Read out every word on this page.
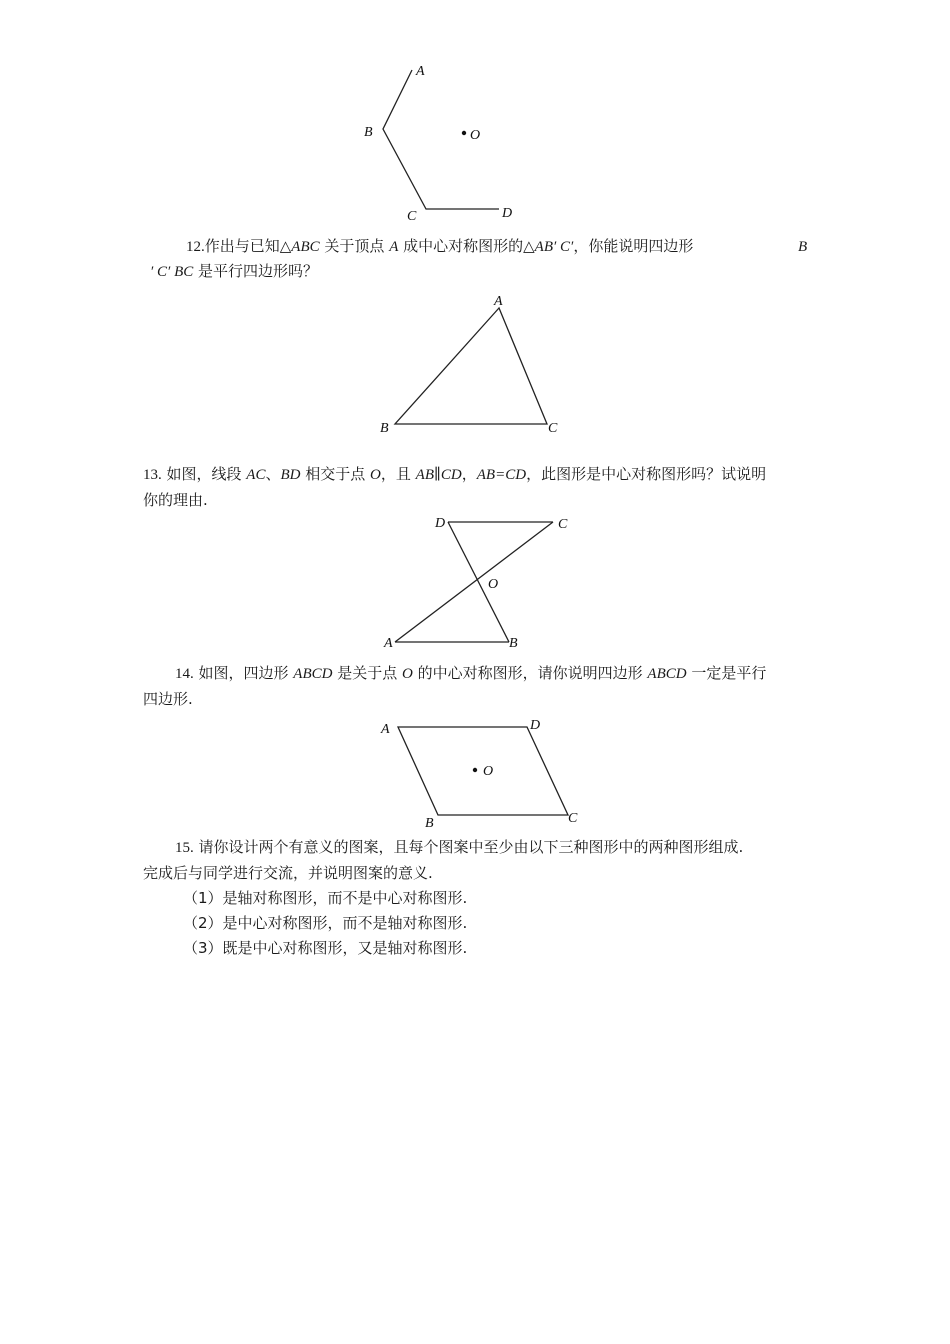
A
B
C	D
O
12.作出与已知△ABC 关于顶点 A 成中心对称图形的△AB′ C′，你能说明四边形	B
′ C′ BC 是平行四边形吗？
A
B	C
13. 如图，线段 AC、BD 相交于点 O，且 AB∥CD，AB=CD，此图形是中心对称图形吗？试说明
你的理由.
D	C
O
A	B
14. 如图，四边形 ABCD 是关于点 O 的中心对称图形，请你说明四边形 ABCD 一定是平行
四边形.
A	D
O
B	C
15. 请你设计两个有意义的图案，且每个图案中至少由以下三种图形中的两种图形组成.
完成后与同学进行交流，并说明图案的意义.
（1）是轴对称图形，而不是中心对称图形.
（2）是中心对称图形，而不是轴对称图形.
（3）既是中心对称图形，又是轴对称图形.
